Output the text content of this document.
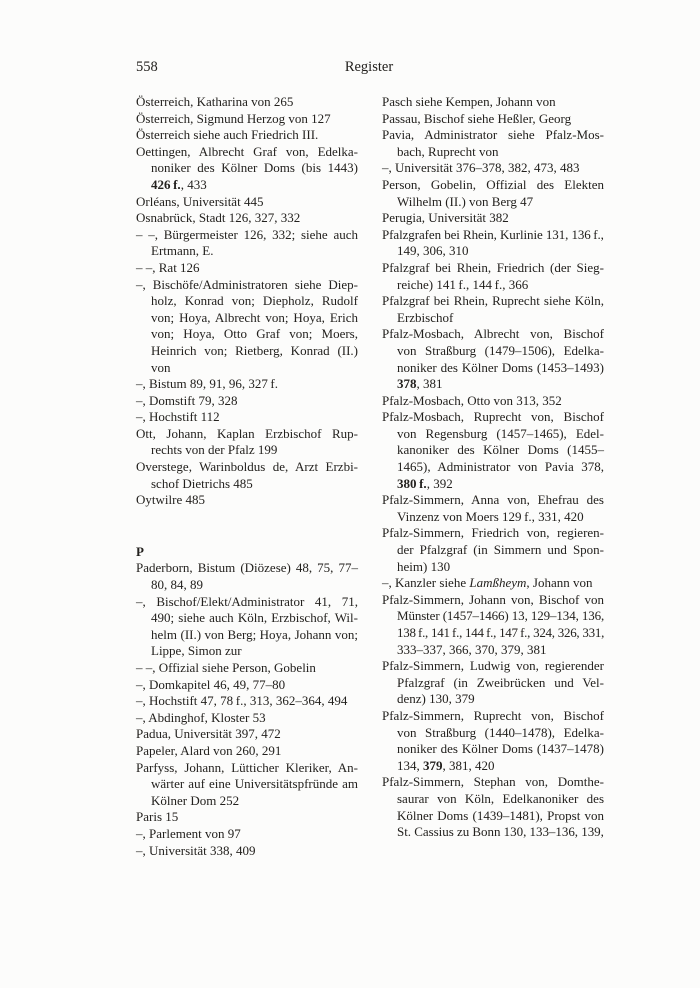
558	Register
Österreich, Katharina von 265
Österreich, Sigmund Herzog von 127
Österreich siehe auch Friedrich III.
Oettingen, Albrecht Graf von, Edelka-
noniker des Kölner Doms (bis 1443)
426 f., 433
Orléans, Universität 445
Osnabrück, Stadt 126, 327, 332
– –, Bürgermeister 126, 332; siehe auch
Ertmann, E.
– –, Rat 126
–, Bischöfe/Administratoren siehe Diep-
holz, Konrad von; Diepholz, Rudolf
von; Hoya, Albrecht von; Hoya, Erich
von; Hoya, Otto Graf von; Moers,
Heinrich von; Rietberg, Konrad (II.)
von
–, Bistum 89, 91, 96, 327 f.
–, Domstift 79, 328
–, Hochstift 112
Ott, Johann, Kaplan Erzbischof Rup-
rechts von der Pfalz 199
Overstege, Warinboldus de, Arzt Erzbi-
schof Dietrichs 485
Oytwilre 485
P
Paderborn, Bistum (Diözese) 48, 75, 77–
80, 84, 89
–, Bischof/Elekt/Administrator 41, 71,
490; siehe auch Köln, Erzbischof, Wil-
helm (II.) von Berg; Hoya, Johann von;
Lippe, Simon zur
– –, Offizial siehe Person, Gobelin
–, Domkapitel 46, 49, 77–80
–, Hochstift 47, 78 f., 313, 362–364, 494
–, Abdinghof, Kloster 53
Padua, Universität 397, 472
Papeler, Alard von 260, 291
Parfyss, Johann, Lütticher Kleriker, An-
wärter auf eine Universitätspfründe am
Kölner Dom 252
Paris 15
–, Parlement von 97
–, Universität 338, 409
Pasch siehe Kempen, Johann von
Passau, Bischof siehe Heßler, Georg
Pavia, Administrator siehe Pfalz-Mos-
bach, Ruprecht von
–, Universität 376–378, 382, 473, 483
Person, Gobelin, Offizial des Elekten
Wilhelm (II.) von Berg 47
Perugia, Universität 382
Pfalzgrafen bei Rhein, Kurlinie 131, 136 f.,
149, 306, 310
Pfalzgraf bei Rhein, Friedrich (der Sieg-
reiche) 141 f., 144 f., 366
Pfalzgraf bei Rhein, Ruprecht siehe Köln,
Erzbischof
Pfalz-Mosbach, Albrecht von, Bischof
von Straßburg (1479–1506), Edelka-
noniker des Kölner Doms (1453–1493)
378, 381
Pfalz-Mosbach, Otto von 313, 352
Pfalz-Mosbach, Ruprecht von, Bischof
von Regensburg (1457–1465), Edel-
kanoniker des Kölner Doms (1455–
1465), Administrator von Pavia 378,
380 f., 392
Pfalz-Simmern, Anna von, Ehefrau des
Vinzenz von Moers 129 f., 331, 420
Pfalz-Simmern, Friedrich von, regieren-
der Pfalzgraf (in Simmern und Spon-
heim) 130
–, Kanzler siehe Lamßheym, Johann von
Pfalz-Simmern, Johann von, Bischof von
Münster (1457–1466) 13, 129–134, 136,
138 f., 141 f., 144 f., 147 f., 324, 326, 331,
333–337, 366, 370, 379, 381
Pfalz-Simmern, Ludwig von, regierender
Pfalzgraf (in Zweibrücken und Vel-
denz) 130, 379
Pfalz-Simmern, Ruprecht von, Bischof
von Straßburg (1440–1478), Edelka-
noniker des Kölner Doms (1437–1478)
134, 379, 381, 420
Pfalz-Simmern, Stephan von, Domthe-
saurar von Köln, Edelkanoniker des
Kölner Doms (1439–1481), Propst von
St. Cassius zu Bonn 130, 133–136, 139,
